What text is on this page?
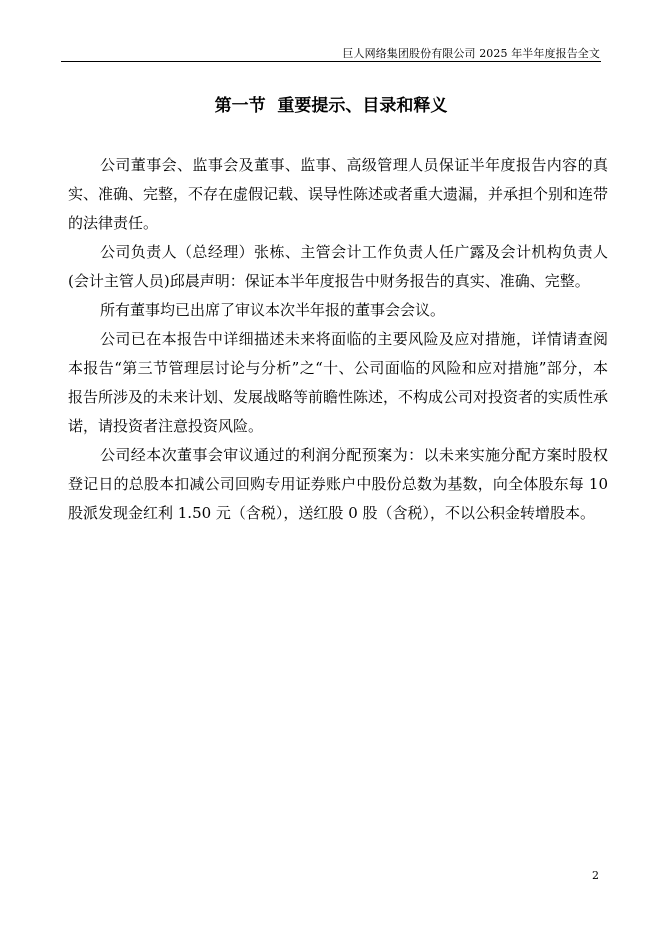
巨人网络集团股份有限公司 2025 年半年度报告全文
第一节  重要提示、目录和释义

公司董事会、监事会及董事、监事、高级管理人员保证半年度报告内容的真实、准确、完整，不存在虚假记载、误导性陈述或者重大遗漏，并承担个别和连带的法律责任。

公司负责人（总经理）张栋、主管会计工作负责人任广露及会计机构负责人(会计主管人员)邱晨声明：保证本半年度报告中财务报告的真实、准确、完整。

所有董事均已出席了审议本次半年报的董事会会议。

公司已在本报告中详细描述未来将面临的主要风险及应对措施，详情请查阅本报告“第三节管理层讨论与分析”之“十、公司面临的风险和应对措施”部分，本报告所涉及的未来计划、发展战略等前瞻性陈述，不构成公司对投资者的实质性承诺，请投资者注意投资风险。

公司经本次董事会审议通过的利润分配预案为：以未来实施分配方案时股权登记日的总股本扣减公司回购专用证券账户中股份总数为基数，向全体股东每 10 股派发现金红利 1.50 元（含税），送红股 0 股（含税），不以公积金转增股本。

2
